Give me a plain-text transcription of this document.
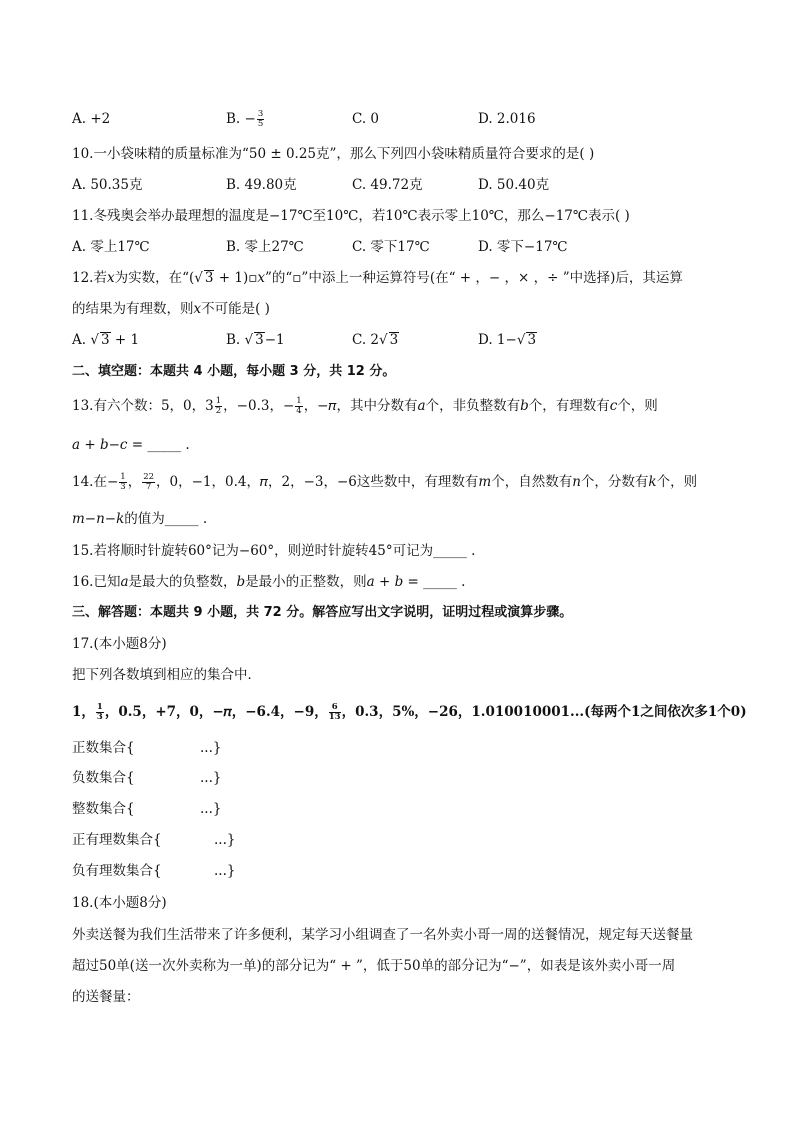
A. +2	B. − $\frac{3}{5}$	C. 0	D. 2.016
10.一小袋味精的质量标准为“50 ± 0.25克”，那么下列四小袋味精质量符合要求的是( )
A. 50.35克	B. 49.80克	C. 49.72克	D. 50.40克
11.冬残奥会举办最理想的温度是−17℃至10℃，若10℃表示零上10℃，那么−17℃表示( )
A. 零上17℃	B. 零上27℃	C. 零下17℃	D. 零下−17℃
12.若𝑥为实数，在“(√ 3 + 1)▫𝑥”的“▫”中添上一种运算符号(在“ + ，− ，× ，÷ ”中选择)后，其运算
的结果为有理数，则𝑥不可能是( )
A. √ 3 + 1	B. √ 3−1	C. 2√ 3	D. 1−√ 3
二、填空题：本题共 4 小题，每小题 3 分，共 12 分。
13.有六个数：5，0，$3 \frac{1}{2}$ ，−0.3，− $\frac{1}{4}$ ，−𝜋，其中分数有𝑎个，非负整数有𝑏个，有理数有𝑐个，则
𝑎 + 𝑏−𝑐 = _____ .
14.在− $\frac{1}{3}$ ， $\frac{22}{7}$ ，0，−1，0.4，𝜋，2，−3，−6这些数中，有理数有𝑚个，自然数有𝑛个，分数有𝑘个，则
𝑚−𝑛−𝑘的值为_____ .
15.若将顺时针旋转60°记为−60°，则逆时针旋转45°可记为_____ .
16.已知𝑎是最大的负整数，𝑏是最小的正整数，则𝑎 + 𝑏 = _____ .
三、解答题：本题共 9 小题，共 72 分。解答应写出文字说明，证明过程或演算步骤。
17.(本小题8分)
把下列各数填到相应的集合中．
1， $\frac{1}{3}$ ，0.5，+7，0，−𝜋，−6.4，−9， $\frac{6}{13}$ ，0.3，5%，−26，1.010010001...(每两个1之间依次多1个0)
正数集合{	...}
负数集合{	...}
整数集合{	...}
正有理数集合{	...}
负有理数集合{	...}
18.(本小题8分)
外卖送餐为我们生活带来了许多便利，某学习小组调查了一名外卖小哥一周的送餐情况，规定每天送餐量
超过50单(送一次外卖称为一单)的部分记为“ + ”，低于50单的部分记为“−”，如表是该外卖小哥一周
的送餐量：
